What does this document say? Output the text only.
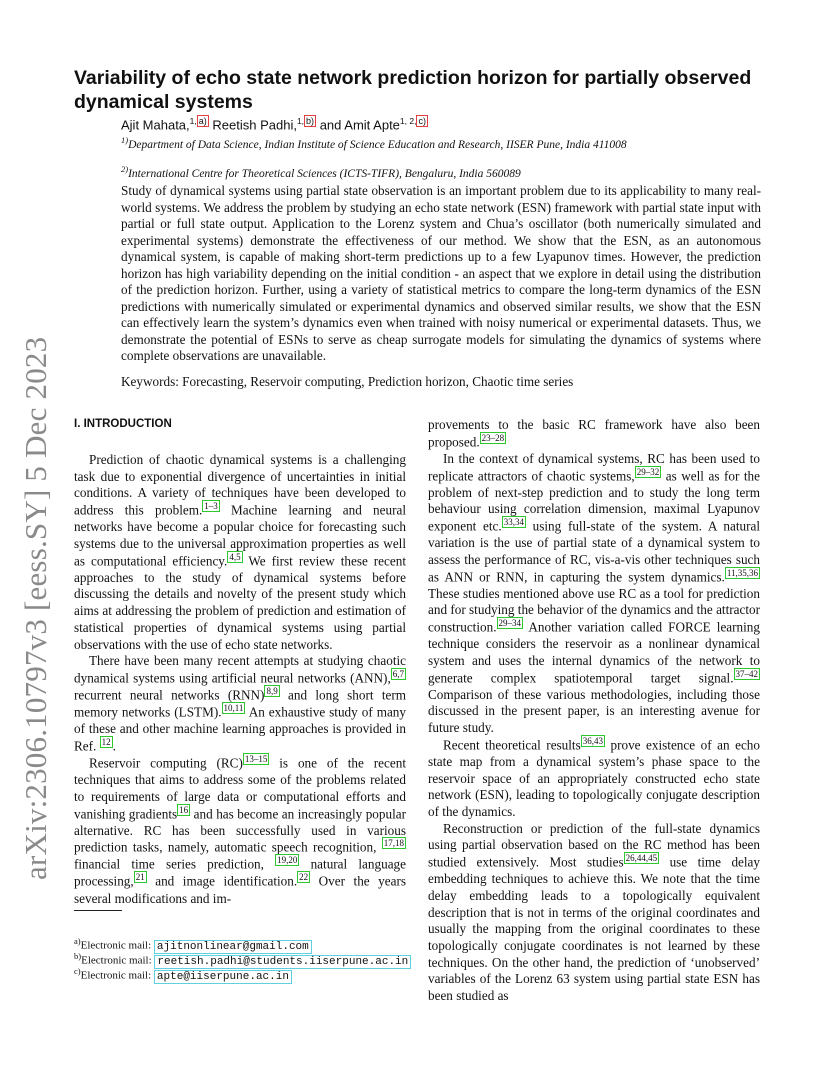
arXiv:2306.10797v3 [eess.SY] 5 Dec 2023
Variability of echo state network prediction horizon for partially observed dynamical systems
Ajit Mahata,$^{1,}$ $^{a)}$ Reetish Padhi,$^{1,}$ $^{b)}$ and Amit Apte$^{1, 2,}$ $^{c)}$
$^{1)}$Department of Data Science, Indian Institute of Science Education and Research, IISER Pune, India 411008
$^{2)}$International Centre for Theoretical Sciences (ICTS-TIFR), Bengaluru, India 560089

Study of dynamical systems using partial state observation is an important problem due to its applicability to many real-world systems. We address the problem by studying an echo state network (ESN) framework with partial state input with partial or full state output. Application to the Lorenz system and Chua’s oscillator (both numerically simulated and experimental systems) demonstrate the effectiveness of our method. We show that the ESN, as an autonomous dynamical system, is capable of making short-term predictions up to a few Lyapunov times. However, the prediction horizon has high variability depending on the initial condition - an aspect that we explore in detail using the distribution of the prediction horizon. Further, using a variety of statistical metrics to compare the long-term dynamics of the ESN predictions with numerically simulated or experimental dynamics and observed similar results, we show that the ESN can effectively learn the system’s dynamics even when trained with noisy numerical or experimental datasets. Thus, we demonstrate the potential of ESNs to serve as cheap surrogate models for simulating the dynamics of systems where complete observations are unavailable.

Keywords: Forecasting, Reservoir computing, Prediction horizon, Chaotic time series
I. INTRODUCTION

Prediction of chaotic dynamical systems is a challenging task due to exponential divergence of uncertainties in initial conditions. A variety of techniques have been developed to address this problem. $^{1-3}$ Machine learning and neural networks have become a popular choice for forecasting such systems due to the universal approximation properties as well as computational efficiency. $^{4,5}$ We first review these recent approaches to the study of dynamical systems before discussing the details and novelty of the present study which aims at addressing the problem of prediction and estimation of statistical properties of dynamical systems using partial observations with the use of echo state networks.

There have been many recent attempts at studying chaotic dynamical systems using artificial neural networks (ANN), $^{6,7}$ recurrent neural networks (RNN) $^{8,9}$ and long short term memory networks (LSTM). $^{10,11}$ An exhaustive study of many of these and other machine learning approaches is provided in Ref. $^{12}$ .

Reservoir computing (RC) $^{13-15}$ is one of the recent techniques that aims to address some of the problems related to requirements of large data or computational efforts and vanishing gradients $^{16}$ and has become an increasingly popular alternative. RC has been successfully used in various prediction tasks, namely, automatic speech recognition, $^{17,18}$ financial time series prediction, $^{19,20}$ natural language processing, $^{21}$ and image identification. $^{22}$ Over the years several modifications and im-

provements to the basic RC framework have also been proposed. $^{23-28}$

In the context of dynamical systems, RC has been used to replicate attractors of chaotic systems, $^{29-32}$ as well as for the problem of next-step prediction and to study the long term behaviour using correlation dimension, maximal Lyapunov exponent etc. $^{33,34}$ using full-state of the system. A natural variation is the use of partial state of a dynamical system to assess the performance of RC, vis-a-vis other techniques such as ANN or RNN, in capturing the system dynamics. $^{11,35,36}$ These studies mentioned above use RC as a tool for prediction and for studying the behavior of the dynamics and the attractor construction. $^{29-34}$ Another variation called FORCE learning technique considers the reservoir as a nonlinear dynamical system and uses the internal dynamics of the network to generate complex spatiotemporal target signal. $^{37-42}$ Comparison of these various methodologies, including those discussed in the present paper, is an interesting avenue for future study.

Recent theoretical results $^{36,43}$ prove existence of an echo state map from a dynamical system’s phase space to the reservoir space of an appropriately constructed echo state network (ESN), leading to topologically conjugate description of the dynamics.

Reconstruction or prediction of the full-state dynamics using partial observation based on the RC method has been studied extensively. Most studies $^{26,44,45}$ use time delay embedding techniques to achieve this. We note that the time delay embedding leads to a topologically equivalent description that is not in terms of the original coordinates and usually the mapping from the original coordinates to these topologically conjugate coordinates is not learned by these techniques. On the other hand, the prediction of ‘unobserved’ variables of the Lorenz 63 system using partial state ESN has been studied as

$^{a)}$Electronic mail: ajitnonlinear@gmail.com
$^{b)}$Electronic mail: reetish.padhi@students.iiserpune.ac.in
$^{c)}$Electronic mail: apte@iiserpune.ac.in
